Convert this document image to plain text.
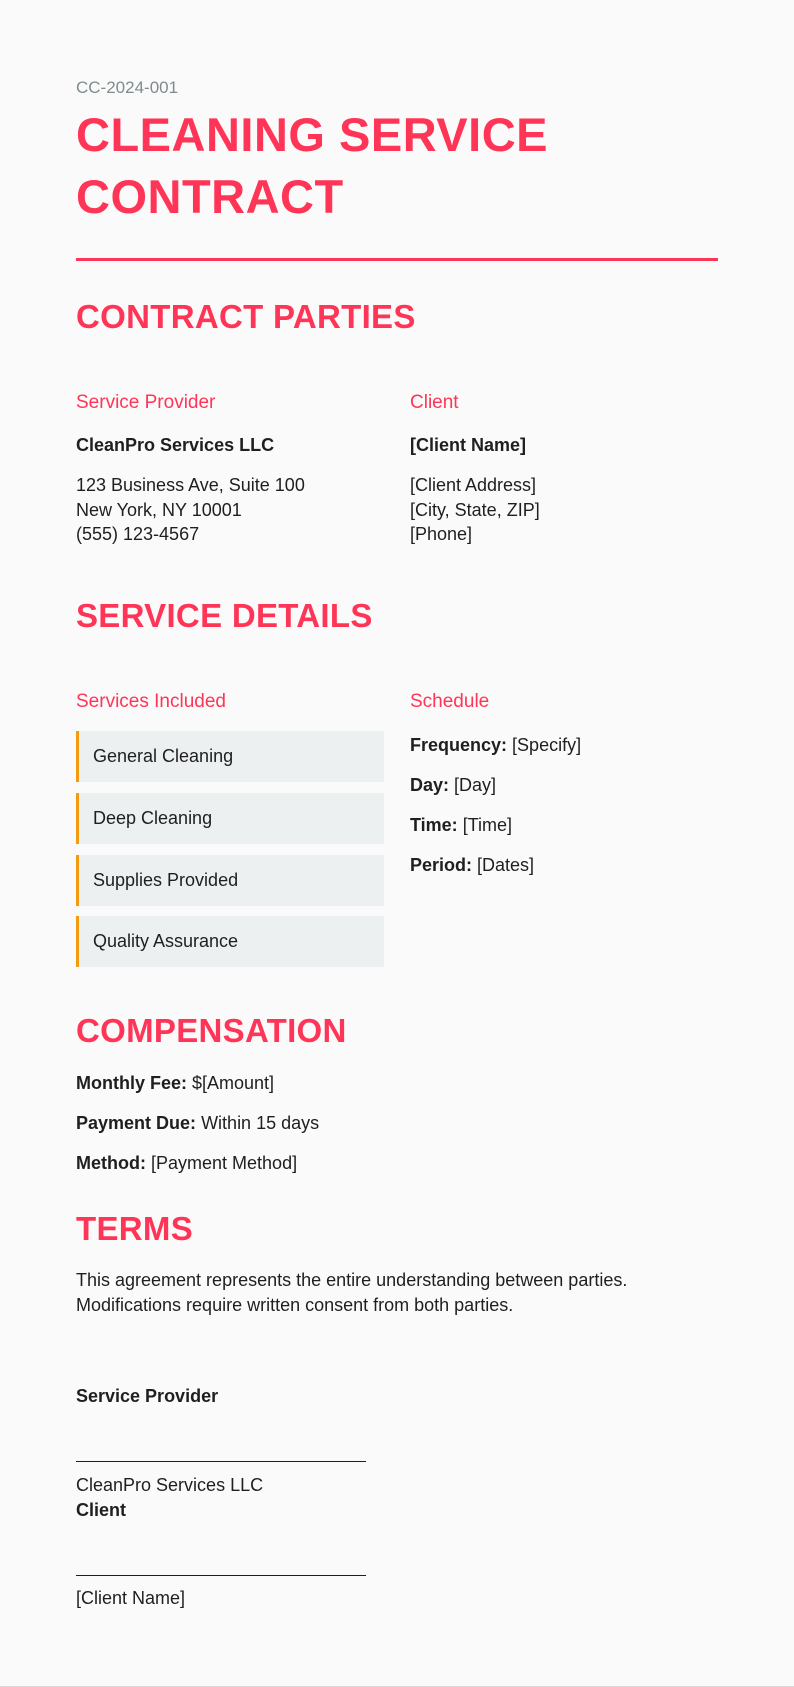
CC-2024-001
CLEANING SERVICE CONTRACT
CONTRACT PARTIES
Service Provider
CleanPro Services LLC
123 Business Ave, Suite 100
New York, NY 10001
(555) 123-4567
Client
[Client Name]
[Client Address]
[City, State, ZIP]
[Phone]
SERVICE DETAILS
Services Included
General Cleaning
Deep Cleaning
Supplies Provided
Quality Assurance
Schedule
Frequency: [Specify]
Day: [Day]
Time: [Time]
Period: [Dates]
COMPENSATION
Monthly Fee: $[Amount]
Payment Due: Within 15 days
Method: [Payment Method]
TERMS
This agreement represents the entire understanding between parties. Modifications require written consent from both parties.
Service Provider
CleanPro Services LLC
Client
[Client Name]
